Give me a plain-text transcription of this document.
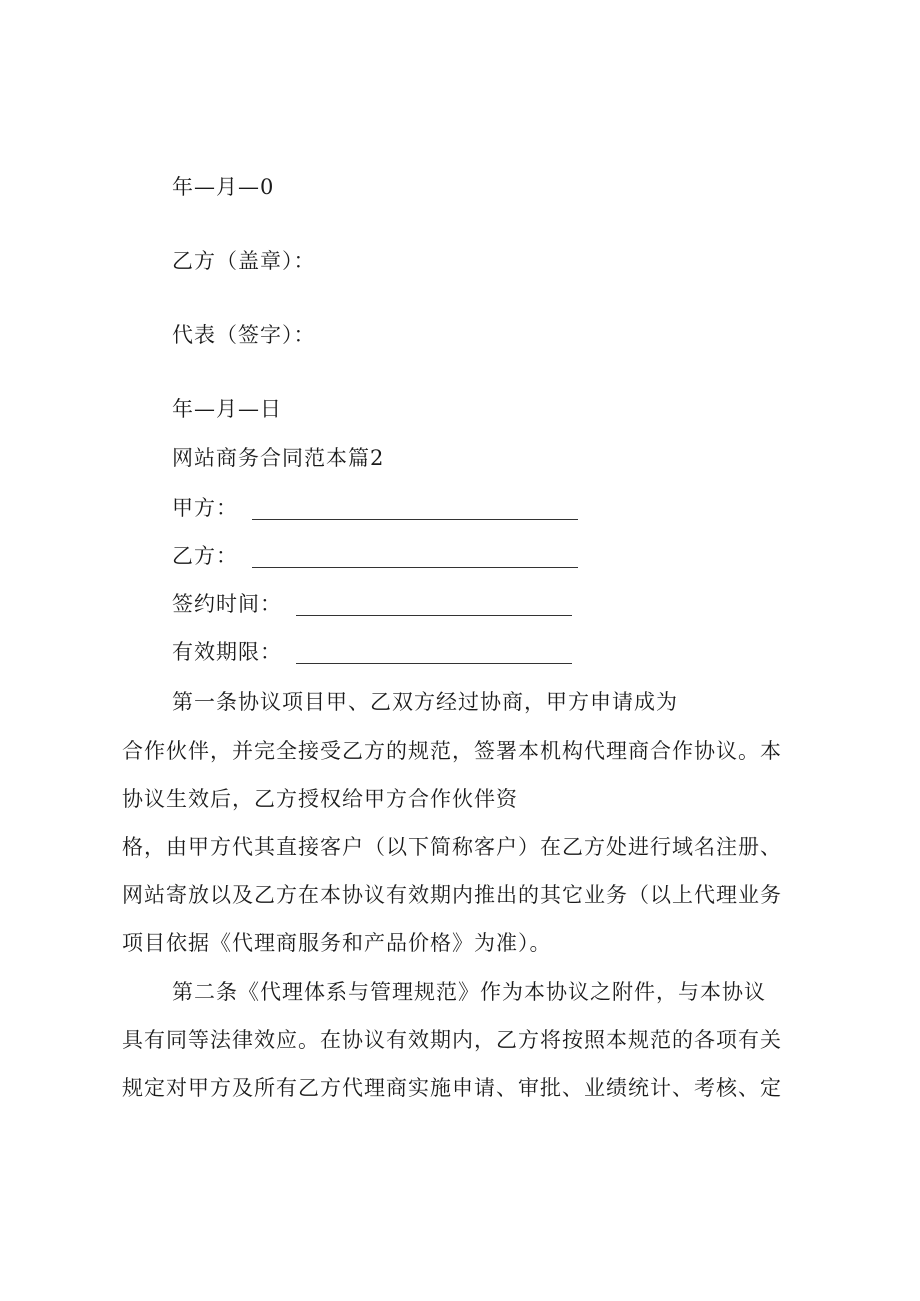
年—月—0
乙方（盖章）：
代表（签字）：
年—月—日
网站商务合同范本篇2
甲方：
乙方：
签约时间：
有效期限：
第一条协议项目甲、乙双方经过协商，甲方申请成为
合作伙伴，并完全接受乙方的规范，签署本机构代理商合作协议。本
协议生效后，乙方授权给甲方合作伙伴资
格，由甲方代其直接客户（以下简称客户）在乙方处进行域名注册、
网站寄放以及乙方在本协议有效期内推出的其它业务（以上代理业务
项目依据《代理商服务和产品价格》为准）。
第二条《代理体系与管理规范》作为本协议之附件，与本协议
具有同等法律效应。在协议有效期内，乙方将按照本规范的各项有关
规定对甲方及所有乙方代理商实施申请、审批、业绩统计、考核、定
